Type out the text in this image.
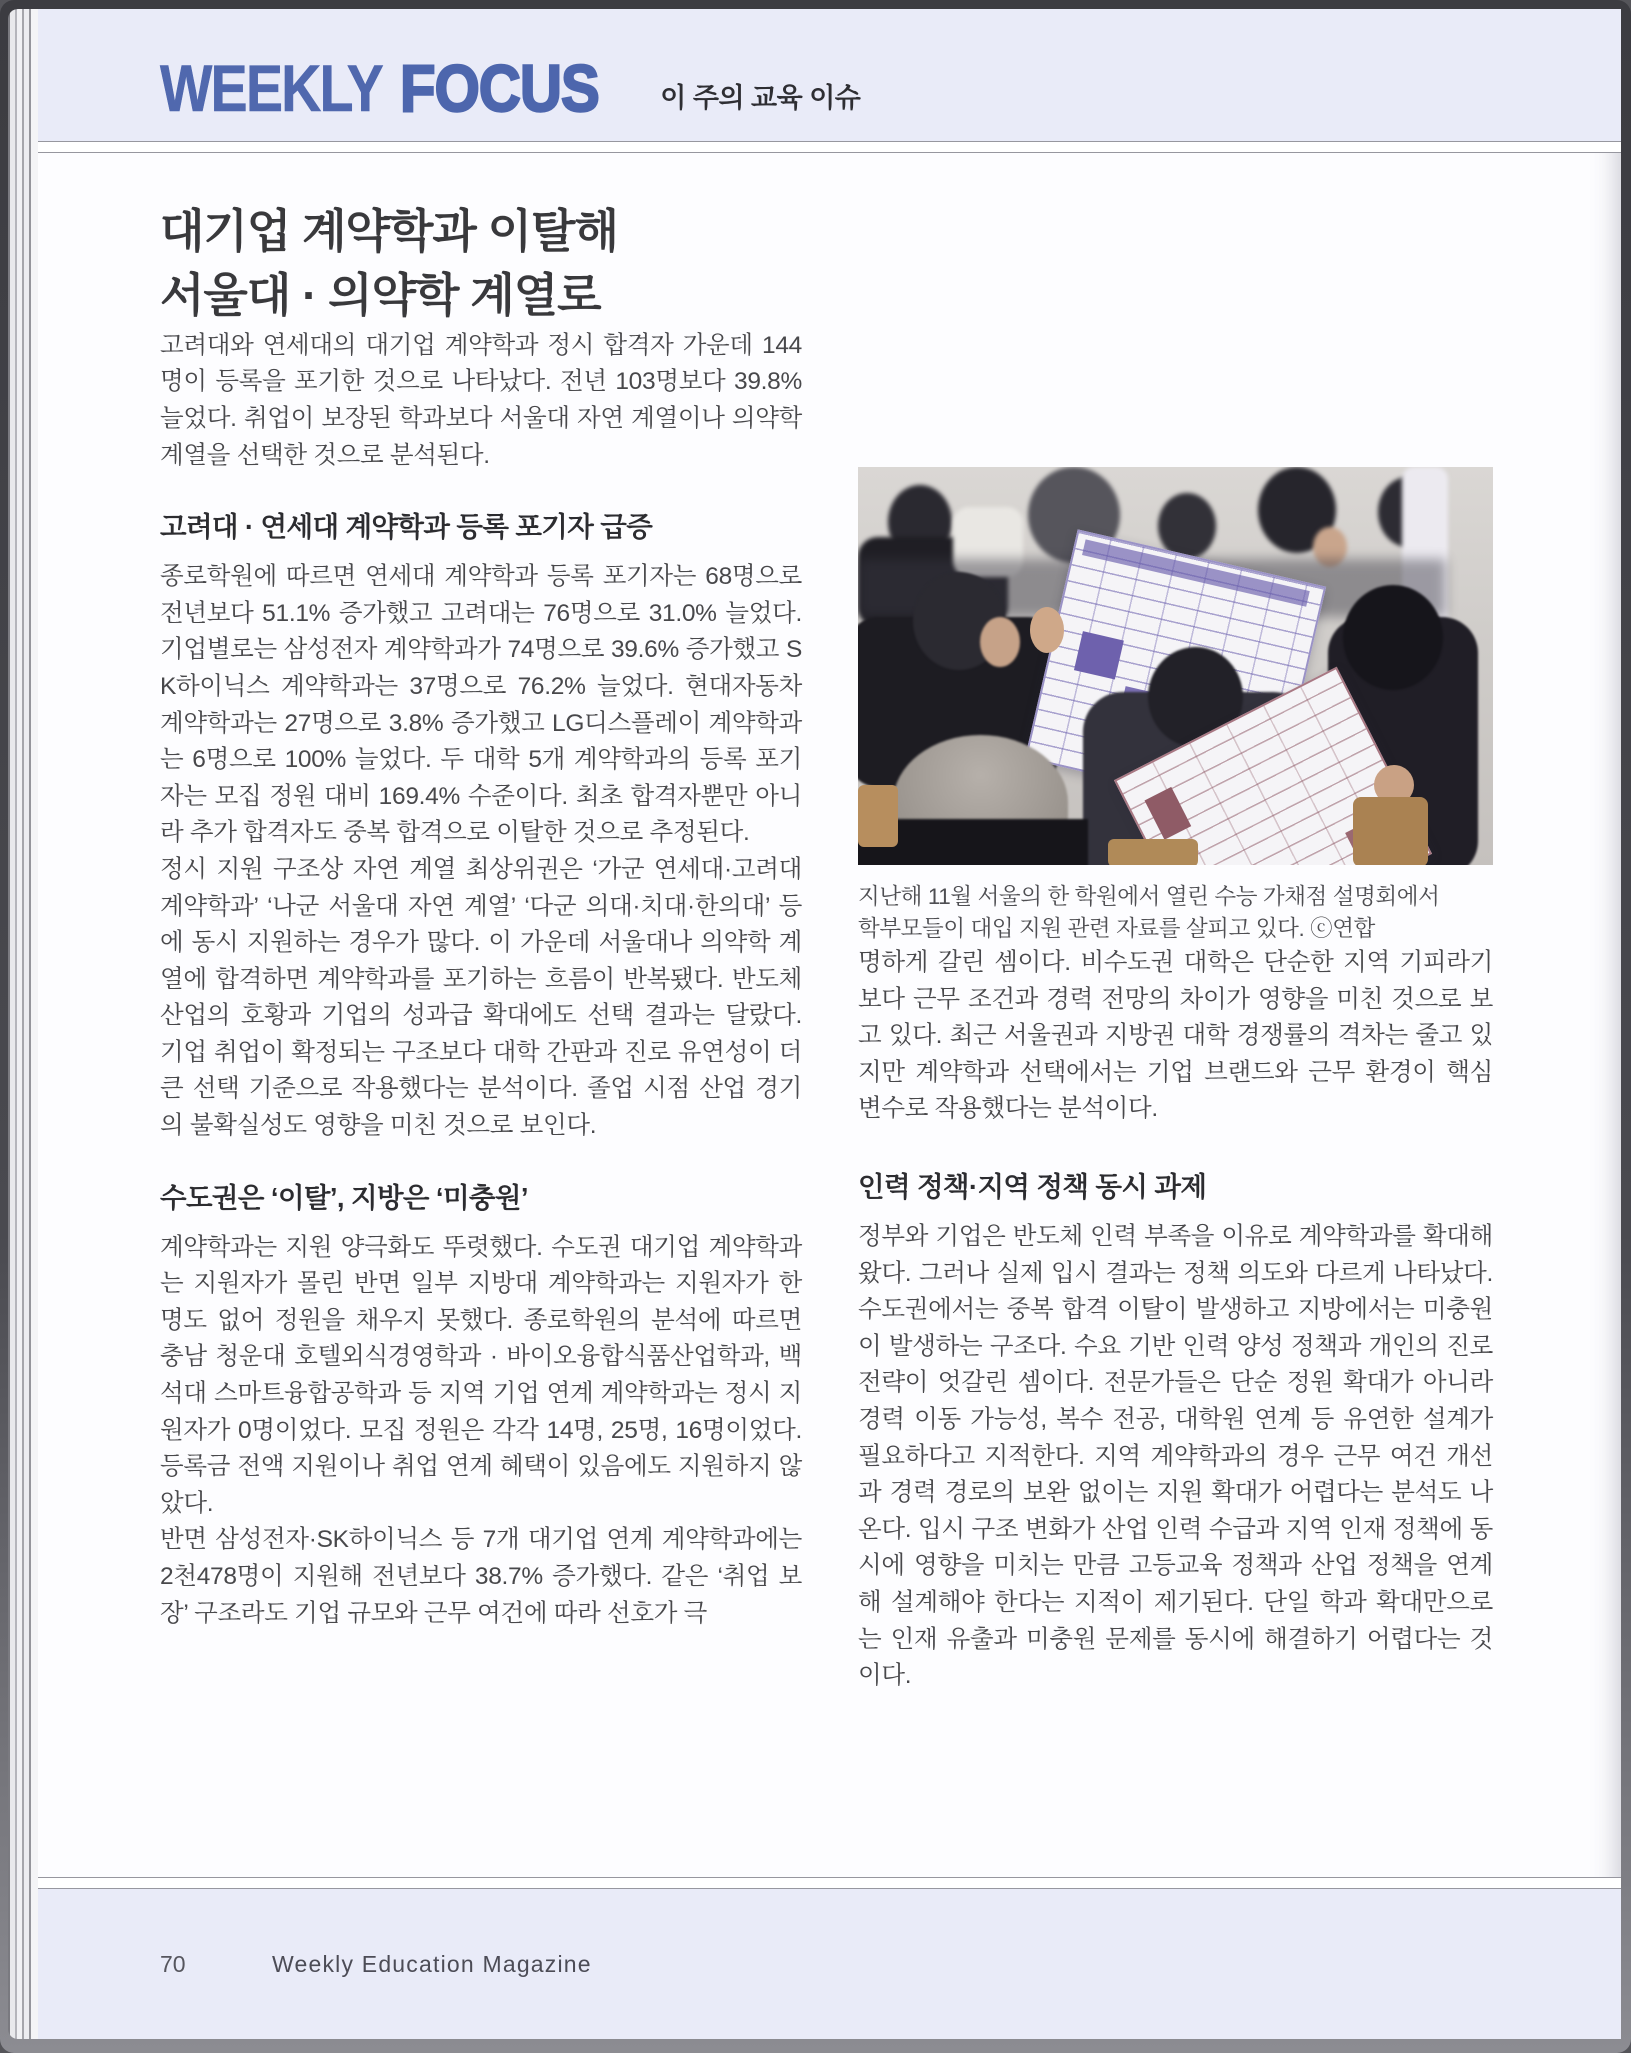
WEEKLY FOCUS 이 주의 교육 이슈
대기업 계약학과 이탈해
서울대 · 의약학 계열로

고려대와 연세대의 대기업 계약학과 정시 합격자 가운데 144명이 등록을 포기한 것으로 나타났다. 전년 103명보다 39.8% 늘었다. 취업이 보장된 학과보다 서울대 자연 계열이나 의약학 계열을 선택한 것으로 분석된다.

고려대 · 연세대 계약학과 등록 포기자 급증

종로학원에 따르면 연세대 계약학과 등록 포기자는 68명으로 전년보다 51.1% 증가했고 고려대는 76명으로 31.0% 늘었다. 기업별로는 삼성전자 계약학과가 74명으로 39.6% 증가했고 SK하이닉스 계약학과는 37명으로 76.2% 늘었다. 현대자동차 계약학과는 27명으로 3.8% 증가했고 LG디스플레이 계약학과는 6명으로 100% 늘었다. 두 대학 5개 계약학과의 등록 포기자는 모집 정원 대비 169.4% 수준이다. 최초 합격자뿐만 아니라 추가 합격자도 중복 합격으로 이탈한 것으로 추정된다.

정시 지원 구조상 자연 계열 최상위권은 ‘가군 연세대·고려대 계약학과’ ‘나군 서울대 자연 계열’ ‘다군 의대·치대·한의대’ 등에 동시 지원하는 경우가 많다. 이 가운데 서울대나 의약학 계열에 합격하면 계약학과를 포기하는 흐름이 반복됐다. 반도체 산업의 호황과 기업의 성과급 확대에도 선택 결과는 달랐다. 기업 취업이 확정되는 구조보다 대학 간판과 진로 유연성이 더 큰 선택 기준으로 작용했다는 분석이다. 졸업 시점 산업 경기의 불확실성도 영향을 미친 것으로 보인다.

수도권은 ‘이탈’, 지방은 ‘미충원’

계약학과는 지원 양극화도 뚜렷했다. 수도권 대기업 계약학과는 지원자가 몰린 반면 일부 지방대 계약학과는 지원자가 한 명도 없어 정원을 채우지 못했다. 종로학원의 분석에 따르면 충남 청운대 호텔외식경영학과 · 바이오융합식품산업학과, 백석대 스마트융합공학과 등 지역 기업 연계 계약학과는 정시 지원자가 0명이었다. 모집 정원은 각각 14명, 25명, 16명이었다. 등록금 전액 지원이나 취업 연계 혜택이 있음에도 지원하지 않았다.

반면 삼성전자·SK하이닉스 등 7개 대기업 연계 계약학과에는 2천478명이 지원해 전년보다 38.7% 증가했다. 같은 ‘취업 보장’ 구조라도 기업 규모와 근무 여건에 따라 선호가 극

지난해 11월 서울의 한 학원에서 열린 수능 가채점 설명회에서 학부모들이 대입 지원 관련 자료를 살피고 있다. ⓒ연합

명하게 갈린 셈이다. 비수도권 대학은 단순한 지역 기피라기보다 근무 조건과 경력 전망의 차이가 영향을 미친 것으로 보고 있다. 최근 서울권과 지방권 대학 경쟁률의 격차는 줄고 있지만 계약학과 선택에서는 기업 브랜드와 근무 환경이 핵심 변수로 작용했다는 분석이다.

인력 정책·지역 정책 동시 과제

정부와 기업은 반도체 인력 부족을 이유로 계약학과를 확대해왔다. 그러나 실제 입시 결과는 정책 의도와 다르게 나타났다. 수도권에서는 중복 합격 이탈이 발생하고 지방에서는 미충원이 발생하는 구조다. 수요 기반 인력 양성 정책과 개인의 진로 전략이 엇갈린 셈이다. 전문가들은 단순 정원 확대가 아니라 경력 이동 가능성, 복수 전공, 대학원 연계 등 유연한 설계가 필요하다고 지적한다. 지역 계약학과의 경우 근무 여건 개선과 경력 경로의 보완 없이는 지원 확대가 어렵다는 분석도 나온다. 입시 구조 변화가 산업 인력 수급과 지역 인재 정책에 동시에 영향을 미치는 만큼 고등교육 정책과 산업 정책을 연계해 설계해야 한다는 지적이 제기된다. 단일 학과 확대만으로는 인재 유출과 미충원 문제를 동시에 해결하기 어렵다는 것이다.

70	Weekly Education Magazine
